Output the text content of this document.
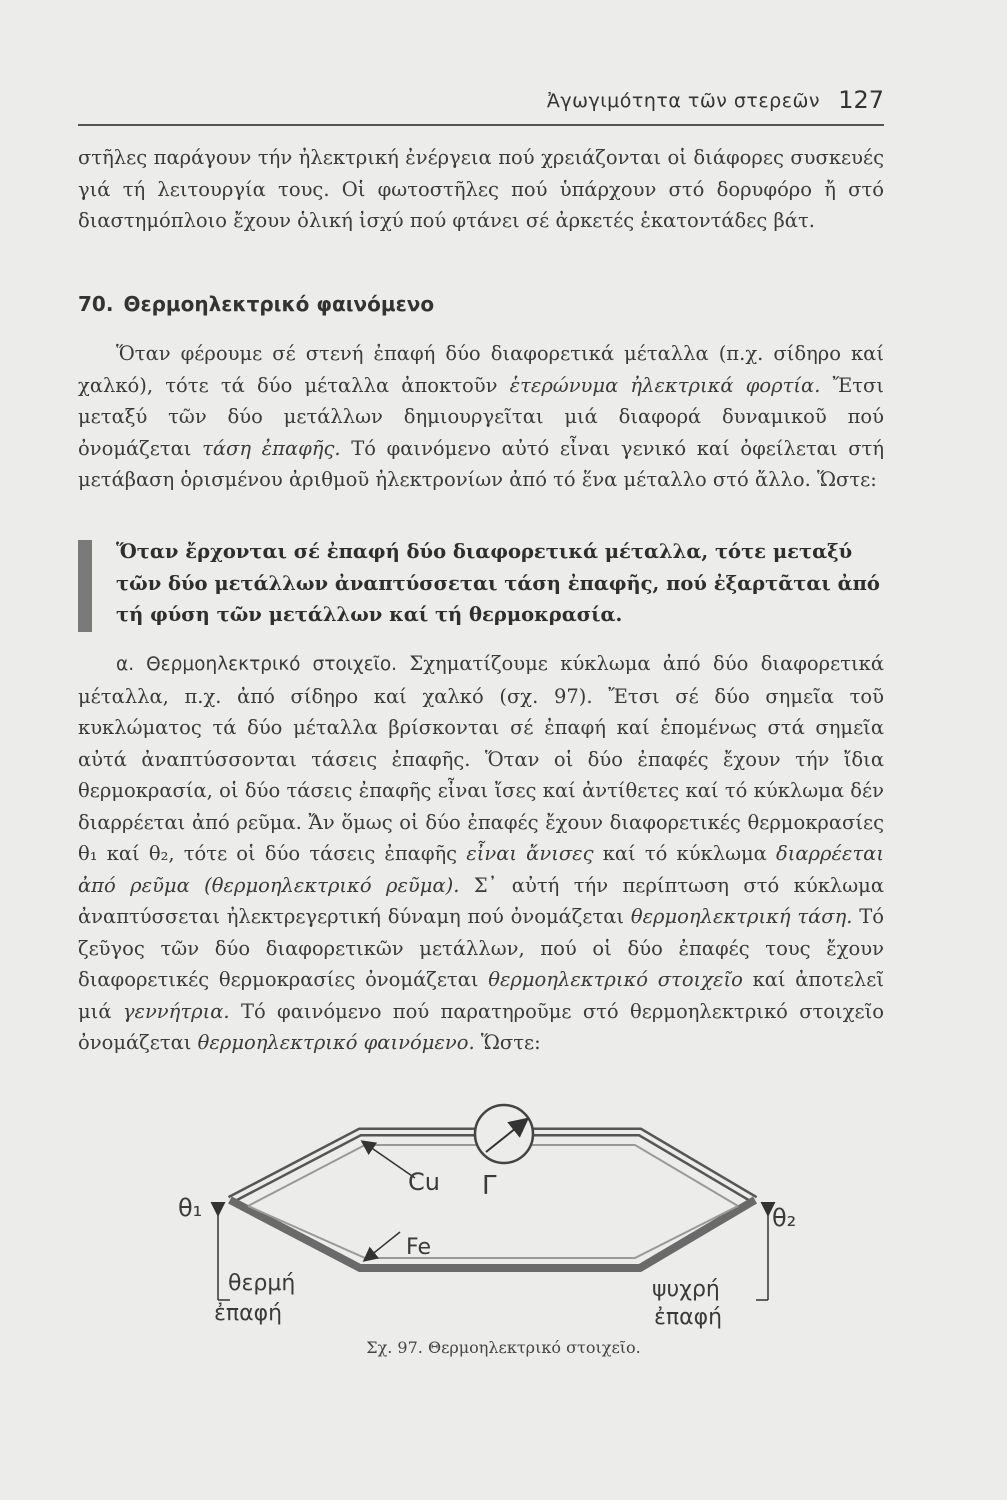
Ἀγωγιμότητα τῶν στερεῶν 127

στῆλες παράγουν τήν ἠλεκτρική ἐνέργεια πού χρειάζονται οἱ διάφορες συσκευές γιά τή λειτουργία τους. Οἱ φωτοστῆλες πού ὑπάρχουν στό δορυφόρο ἤ στό διαστημόπλοιο ἔχουν ὁλική ἰσχύ πού φτάνει σέ ἀρκετές ἑκατοντάδες βάτ.

70. Θερμοηλεκτρικό φαινόμενο

Ὅταν φέρουμε σέ στενή ἐπαφή δύο διαφορετικά μέταλλα (π.χ. σίδηρο καί χαλκό), τότε τά δύο μέταλλα ἀποκτοῦν ἑτερώνυμα ἠλεκτρικά φορτία. Ἔτσι μεταξύ τῶν δύο μετάλλων δημιουργεῖται μιά διαφορά δυναμικοῦ πού ὀνομάζεται τάση ἐπαφῆς. Τό φαινόμενο αὐτό εἶναι γενικό καί ὀφείλεται στή μετάβαση ὁρισμένου ἀριθμοῦ ἠλεκτρονίων ἀπό τό ἕνα μέταλλο στό ἄλλο. Ὥστε:

Ὅταν ἔρχονται σέ ἐπαφή δύο διαφορετικά μέταλλα, τότε μεταξύ τῶν δύο μετάλλων ἀναπτύσσεται τάση ἐπαφῆς, πού ἐξαρτᾶται ἀπό τή φύση τῶν μετάλλων καί τή θερμοκρασία.

α. Θερμοηλεκτρικό στοιχεῖο. Σχηματίζουμε κύκλωμα ἀπό δύο διαφορετικά μέταλλα, π.χ. ἀπό σίδηρο καί χαλκό (σχ. 97). Ἔτσι σέ δύο σημεῖα τοῦ κυκλώματος τά δύο μέταλλα βρίσκονται σέ ἐπαφή καί ἑπομένως στά σημεῖα αὐτά ἀναπτύσσονται τάσεις ἐπαφῆς. Ὅταν οἱ δύο ἐπαφές ἔχουν τήν ἴδια θερμοκρασία, οἱ δύο τάσεις ἐπαφῆς εἶναι ἴσες καί ἀντίθετες καί τό κύκλωμα δέν διαρρέεται ἀπό ρεῦμα. Ἄν ὅμως οἱ δύο ἐπαφές ἔχουν διαφορετικές θερμοκρασίες θ₁ καί θ₂, τότε οἱ δύο τάσεις ἐπαφῆς εἶναι ἄνισες καί τό κύκλωμα διαρρέεται ἀπό ρεῦμα (θερμοηλεκτρικό ρεῦμα). Σ᾽ αὐτή τήν περίπτωση στό κύκλωμα ἀναπτύσσεται ἠλεκτρεγερτική δύναμη πού ὀνομάζεται θερμοηλεκτρική τάση. Τό ζεῦγος τῶν δύο διαφορετικῶν μετάλλων, πού οἱ δύο ἐπαφές τους ἔχουν διαφορετικές θερμοκρασίες ὀνομάζεται θερμοηλεκτρικό στοιχεῖο καί ἀποτελεῖ μιά γεννήτρια. Τό φαινόμενο πού παρατηροῦμε στό θερμοηλεκτρικό στοιχεῖο ὀνομάζεται θερμοηλεκτρικό φαινόμενο. Ὥστε:

Cu Γ
Fe
θ₁	θ₂
θερμή
ἐπαφή
ψυχρή
ἐπαφή
Σχ. 97. Θερμοηλεκτρικό στοιχεῖο.
